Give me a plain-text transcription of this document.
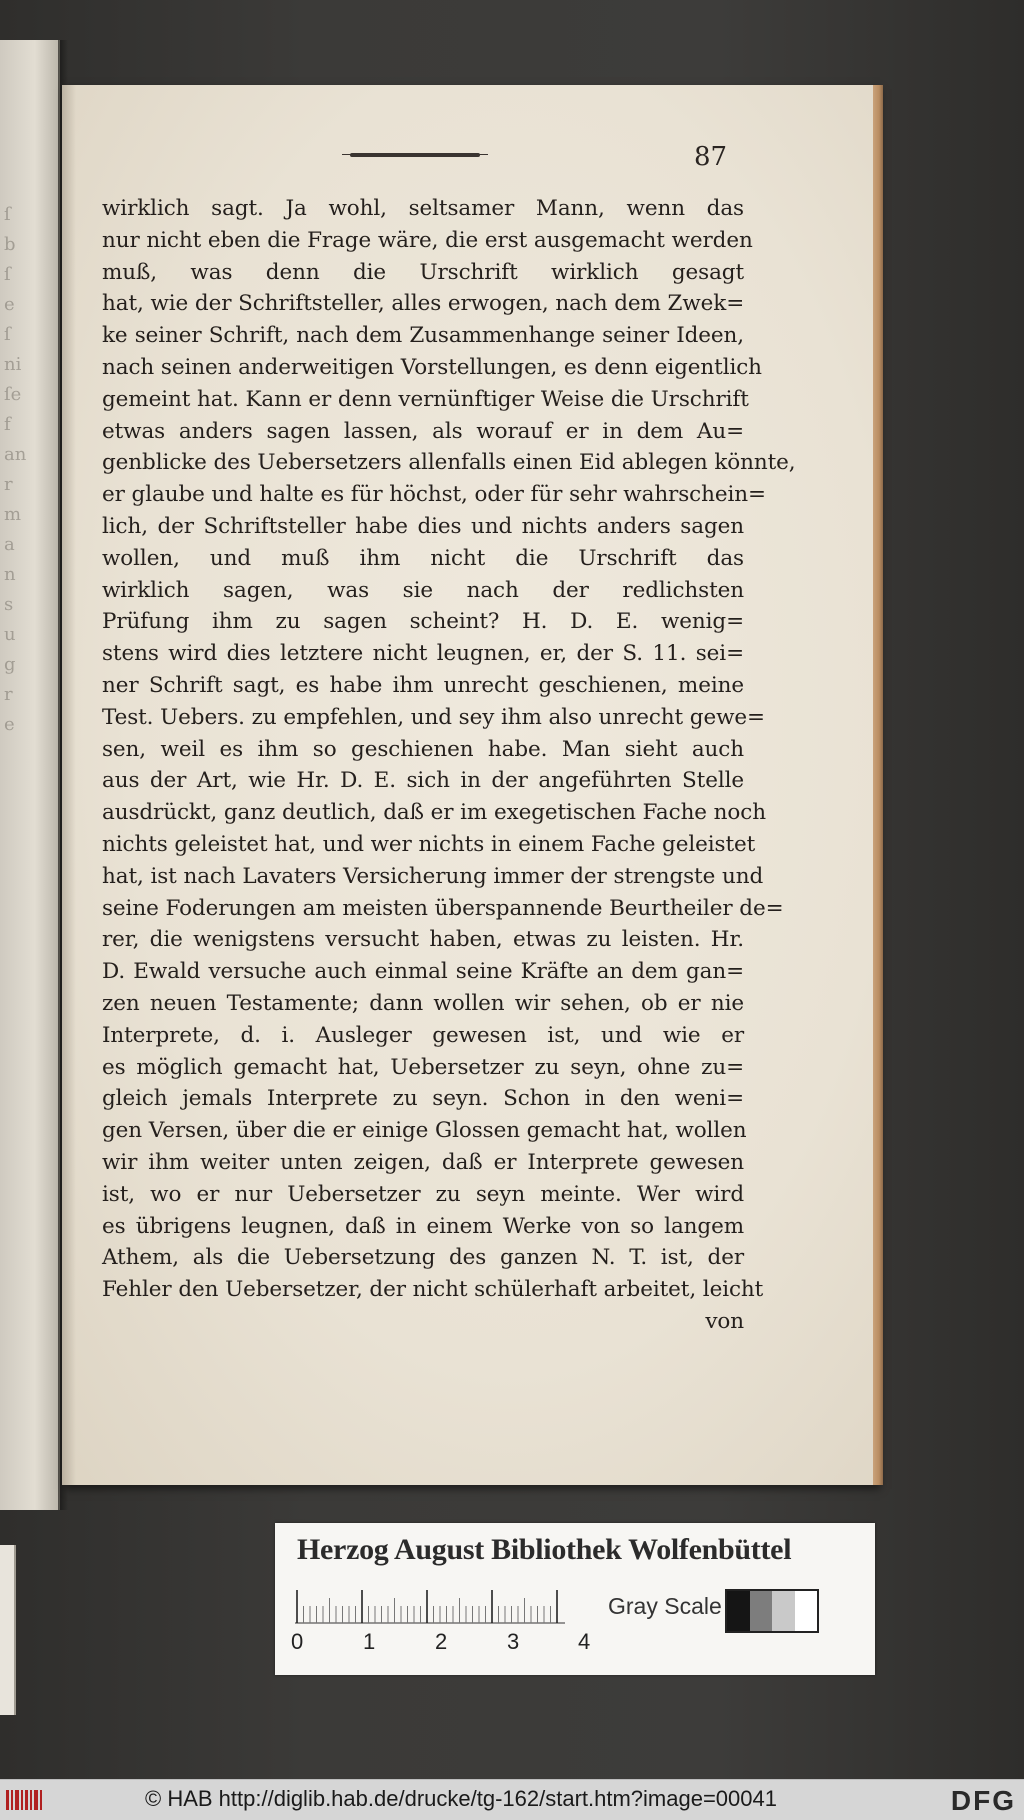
ſ
b
ſ
e
ſ
ni
ſe
f
an
r
m
a
n
s
u
g
r
e
87
wirklich sagt. Ja wohl, seltsamer Mann, wenn das
nur nicht eben die Frage wäre, die erst ausgemacht werden
muß, was denn die Urschrift wirklich gesagt
hat, wie der Schriftsteller, alles erwogen, nach dem Zwek=
ke seiner Schrift, nach dem Zusammenhange seiner Ideen,
nach seinen anderweitigen Vorstellungen, es denn eigentlich
gemeint hat. Kann er denn vernünftiger Weise die Urschrift
etwas anders sagen lassen, als worauf er in dem Au=
genblicke des Uebersetzers allenfalls einen Eid ablegen könnte,
er glaube und halte es für höchst, oder für sehr wahrschein=
lich, der Schriftsteller habe dies und nichts anders sagen
wollen, und muß ihm nicht die Urschrift das
wirklich sagen, was sie nach der redlichsten
Prüfung ihm zu sagen scheint? H. D. E. wenig=
stens wird dies letztere nicht leugnen, er, der S. 11. sei=
ner Schrift sagt, es habe ihm unrecht geschienen, meine
Test. Uebers. zu empfehlen, und sey ihm also unrecht gewe=
sen, weil es ihm so geschienen habe. Man sieht auch
aus der Art, wie Hr. D. E. sich in der angeführten Stelle
ausdrückt, ganz deutlich, daß er im exegetischen Fache noch
nichts geleistet hat, und wer nichts in einem Fache geleistet
hat, ist nach Lavaters Versicherung immer der strengste und
seine Foderungen am meisten überspannende Beurtheiler de=
rer, die wenigstens versucht haben, etwas zu leisten. Hr.
D. Ewald versuche auch einmal seine Kräfte an dem gan=
zen neuen Testamente; dann wollen wir sehen, ob er nie
Interprete, d. i. Ausleger gewesen ist, und wie er
es möglich gemacht hat, Uebersetzer zu seyn, ohne zu=
gleich jemals Interprete zu seyn. Schon in den weni=
gen Versen, über die er einige Glossen gemacht hat, wollen
wir ihm weiter unten zeigen, daß er Interprete gewesen
ist, wo er nur Uebersetzer zu seyn meinte. Wer wird
es übrigens leugnen, daß in einem Werke von so langem
Athem, als die Uebersetzung des ganzen N. T. ist, der
Fehler den Uebersetzer, der nicht schülerhaft arbeitet, leicht
von
Herzog August Bibliothek Wolfenbüttel
0	1	2	3	4
Gray Scale
© HAB http://diglib.hab.de/drucke/tg-162/start.htm?image=00041	DFG
